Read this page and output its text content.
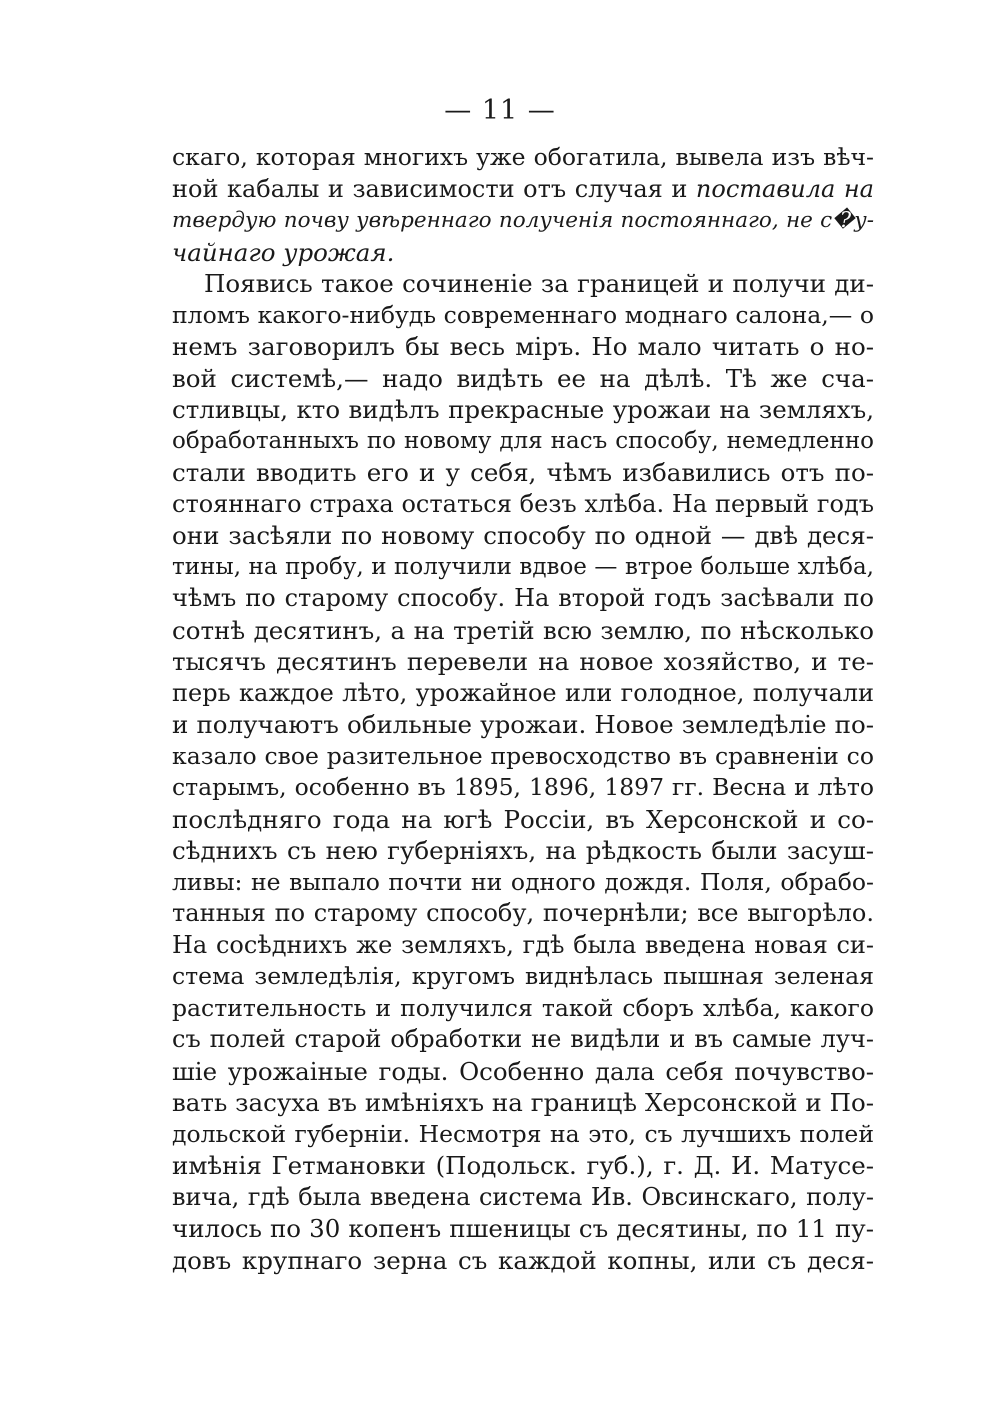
— 11 —
скаго, которая многихъ уже обогатила, вывела изъ вѣч-
ной кабалы и зависимости отъ случая и поставила на
твердую почву увѣреннаго полученія постояннаго, не с�у-
чайнаго урожая.
Появись такое сочиненіе за границей и получи ди-
пломъ какого-нибудь современнаго моднаго салона,— о
немъ заговорилъ бы весь міръ. Но мало читать о но-
вой системѣ,— надо видѣть ее на дѣлѣ. Тѣ же сча-
стливцы, кто видѣлъ прекрасные урожаи на земляхъ,
обработанныхъ по новому для насъ способу, немедленно
стали вводить его и у себя, чѣмъ избавились отъ по-
стояннаго страха остаться безъ хлѣба. На первый годъ
они засѣяли по новому способу по одной — двѣ деся-
тины, на пробу, и получили вдвое — втрое больше хлѣба,
чѣмъ по старому способу. На второй годъ засѣвали по
сотнѣ десятинъ, а на третій всю землю, по нѣсколько
тысячъ десятинъ перевели на новое хозяйство, и те-
перь каждое лѣто, урожайное или голодное, получали
и получаютъ обильные урожаи. Новое земледѣліе по-
казало свое разительное превосходство въ сравненіи со
старымъ, особенно въ 1895, 1896, 1897 гг. Весна и лѣто
послѣдняго года на югѣ Россіи, въ Херсонской и со-
сѣднихъ съ нею губерніяхъ, на рѣдкость были засуш-
ливы: не выпало почти ни одного дождя. Поля, обрабо-
танныя по старому способу, почернѣли; все выгорѣло.
На сосѣднихъ же земляхъ, гдѣ была введена новая си-
стема земледѣлія, кругомъ виднѣлась пышная зеленая
растительность и получился такой сборъ хлѣба, какого
съ полей старой обработки не видѣли и въ самые луч-
шіе урожаіные годы. Особенно дала себя почувство-
вать засуха въ имѣніяхъ на границѣ Херсонской и По-
дольской губерніи. Несмотря на это, съ лучшихъ полей
имѣнія Гетмановки (Подольск. губ.), г. Д. И. Матусе-
вича, гдѣ была введена система Ив. Овсинскаго, полу-
чилось по 30 копенъ пшеницы съ десятины, по 11 пу-
довъ крупнаго зерна съ каждой копны, или съ деся-
